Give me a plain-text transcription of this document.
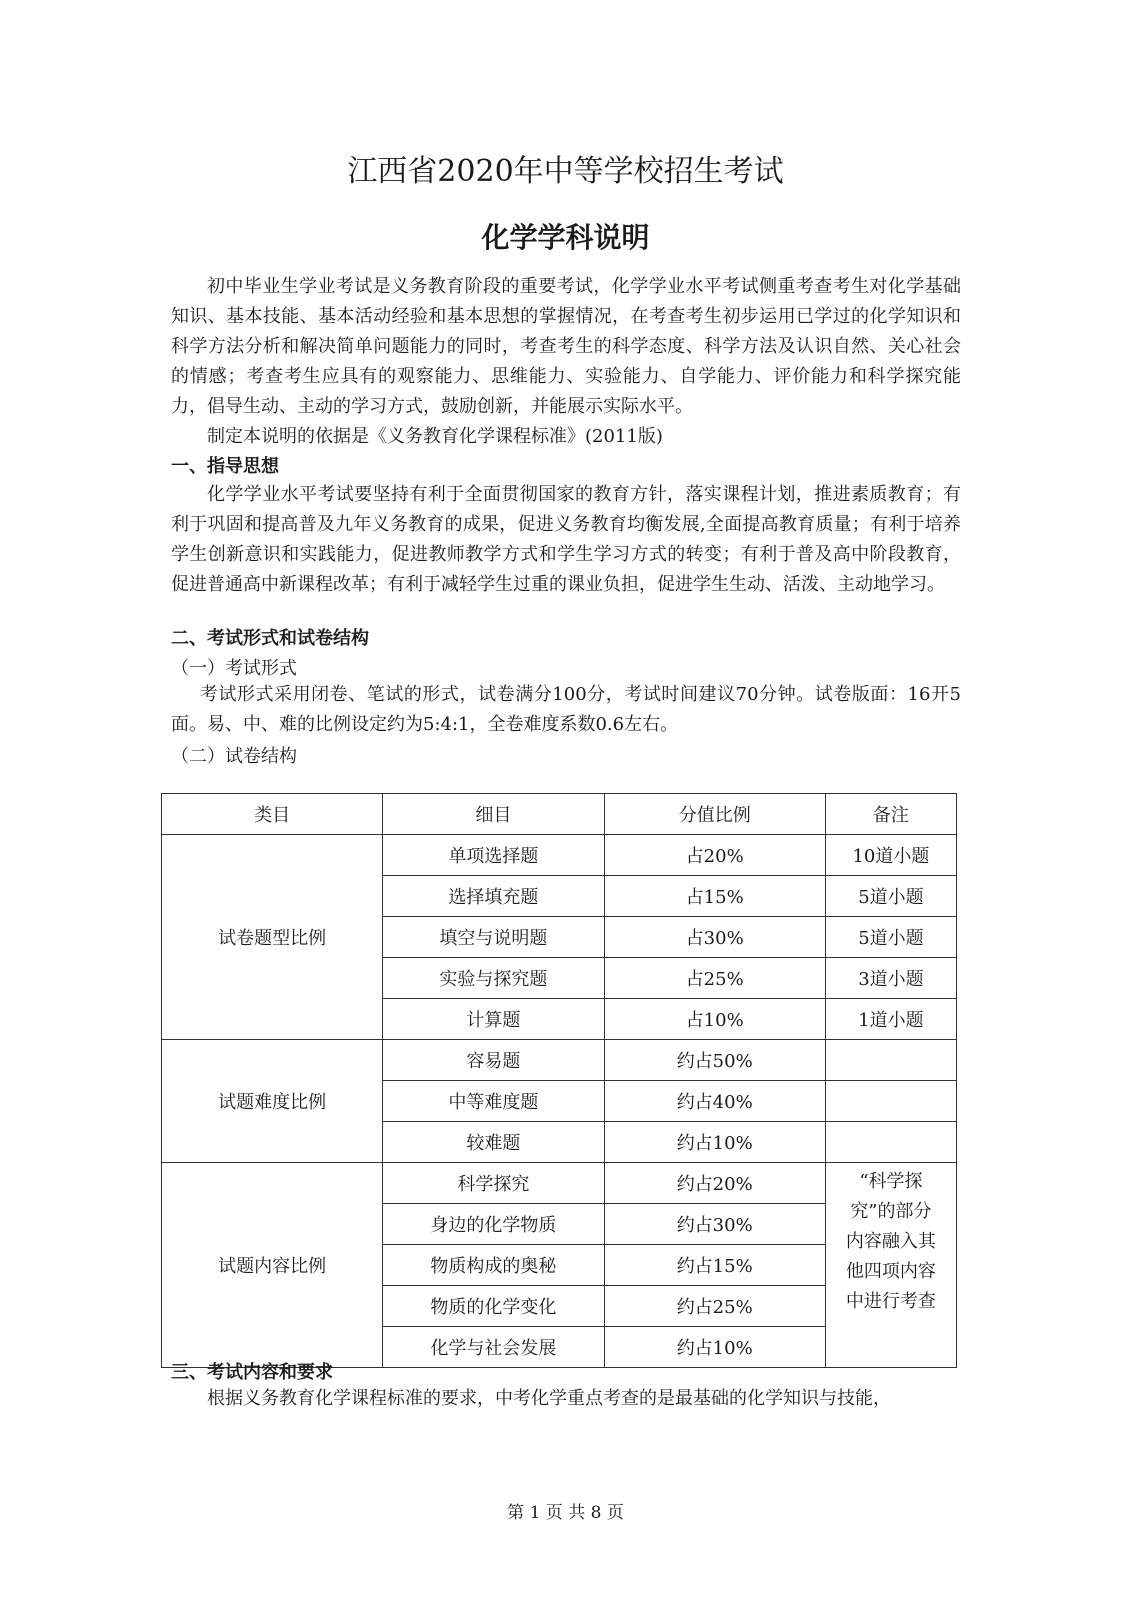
江西省2020年中等学校招生考试
化学学科说明

初中毕业生学业考试是义务教育阶段的重要考试，化学学业水平考试侧重考查考生对化学基础知识、基本技能、基本活动经验和基本思想的掌握情况，在考查考生初步运用已学过的化学知识和科学方法分析和解决简单问题能力的同时，考查考生的科学态度、科学方法及认识自然、关心社会的情感；考查考生应具有的观察能力、思维能力、实验能力、自学能力、评价能力和科学探究能力，倡导生动、主动的学习方式，鼓励创新，并能展示实际水平。

制定本说明的依据是《义务教育化学课程标准》(2011版)

一、指导思想

化学学业水平考试要坚持有利于全面贯彻国家的教育方针，落实课程计划，推进素质教育；有利于巩固和提高普及九年义务教育的成果，促进义务教育均衡发展,全面提高教育质量；有利于培养学生创新意识和实践能力，促进教师教学方式和学生学习方式的转变；有利于普及高中阶段教育，促进普通高中新课程改革；有利于减轻学生过重的课业负担，促进学生生动、活泼、主动地学习。

二、考试形式和试卷结构
（一）考试形式

考试形式采用闭卷、笔试的形式，试卷满分100分，考试时间建议70分钟。试卷版面：16开5面。易、中、难的比例设定约为5:4:1，全卷难度系数0.6左右。

（二）试卷结构
类目	细目	分值比例	备注
试卷题型比例	单项选择题	占20%	10道小题
	选择填充题	占15%	5道小题
	填空与说明题	占30%	5道小题
	实验与探究题	占25%	3道小题
	计算题	占10%	1道小题
试题难度比例	容易题	约占50%	
	中等难度题	约占40%	
	较难题	约占10%	
试题内容比例	科学探究	约占20%	“科学探
究”的部分
内容融入其
他四项内容
中进行考查

	身边的化学物质	约占30%	
	物质构成的奥秘	约占15%	
	物质的化学变化	约占25%	
	化学与社会发展	约占10%	
三、考试内容和要求

根据义务教育化学课程标准的要求，中考化学重点考查的是最基础的化学知识与技能，

第 1 页 共 8 页
